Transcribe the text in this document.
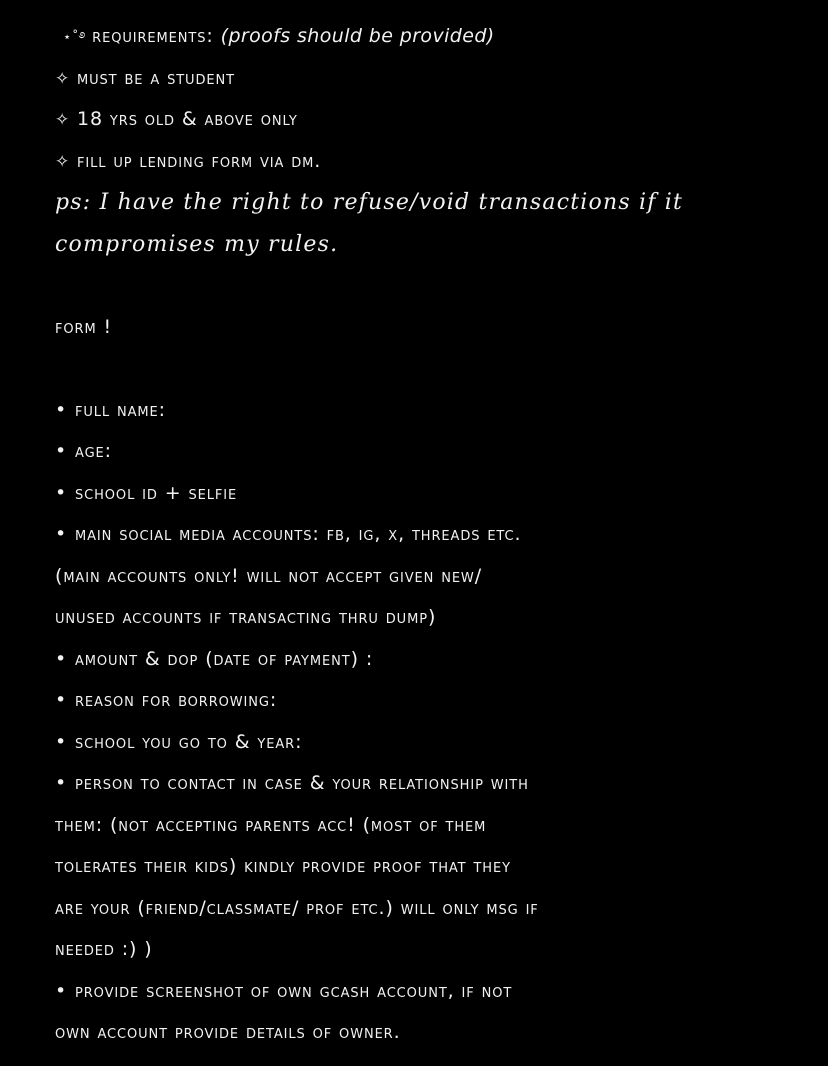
⋆˚࿔ requirements: (proofs should be provided)
✧ must be a student
✧ 18 yrs old & above only
✧ fill up lending form via dm.
ps: I have the right to refuse/void transactions if it
compromises my rules.
form !
• full name:
• age:
• school id + selfie
• main social media accounts: fb, ig, x, threads etc.
(main accounts only! will not accept given new/
unused accounts if transacting thru dump)
• amount & dop (date of payment) :
• reason for borrowing:
• school you go to & year:
• person to contact in case & your relationship with
them: (not accepting parents acc! (most of them
tolerates their kids) kindly provide proof that they
are your (friend/classmate/ prof etc.) will only msg if
needed :) )
• provide screenshot of own gcash account, if not
own account provide details of owner.
